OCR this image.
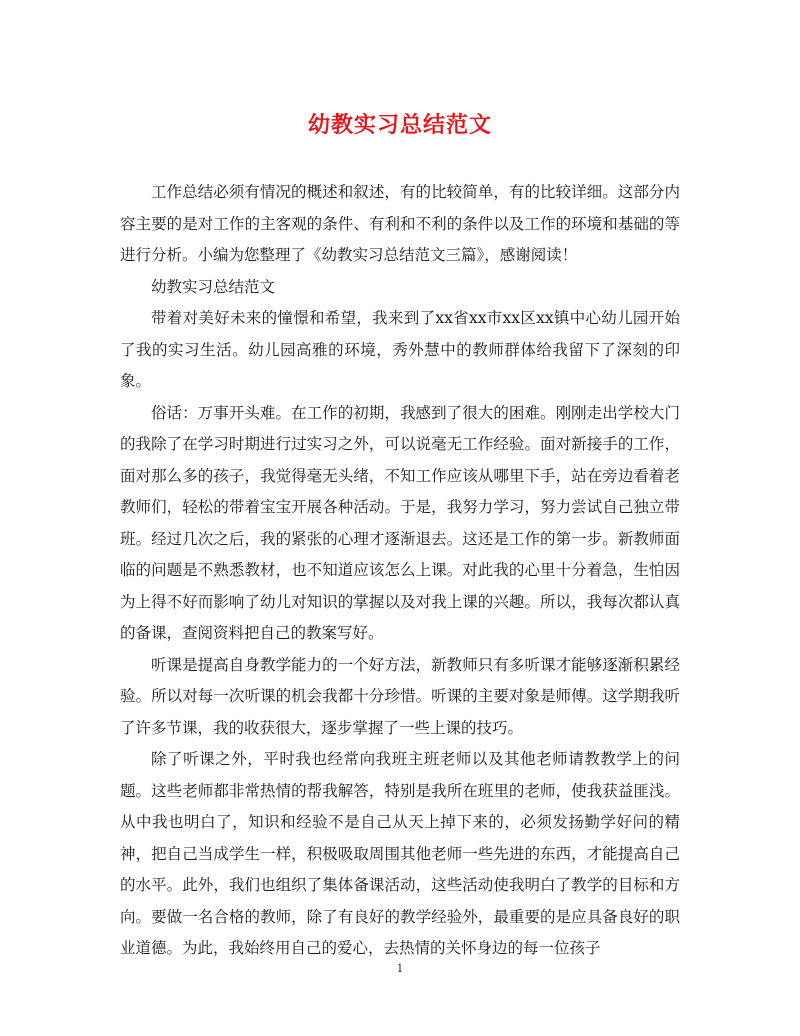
幼教实习总结范文

工作总结必须有情况的概述和叙述，有的比较简单，有的比较详细。这部分内容主要的是对工作的主客观的条件、有利和不利的条件以及工作的环境和基础的等进行分析。小编为您整理了《幼教实习总结范文三篇》，感谢阅读！

幼教实习总结范文

带着对美好未来的憧憬和希望，我来到了xx省xx市xx区xx镇中心幼儿园开始了我的实习生活。幼儿园高雅的环境，秀外慧中的教师群体给我留下了深刻的印象。

俗话：万事开头难。在工作的初期，我感到了很大的困难。刚刚走出学校大门的我除了在学习时期进行过实习之外，可以说毫无工作经验。面对新接手的工作，面对那么多的孩子，我觉得毫无头绪，不知工作应该从哪里下手，站在旁边看着老教师们，轻松的带着宝宝开展各种活动。于是，我努力学习，努力尝试自己独立带班。经过几次之后，我的紧张的心理才逐渐退去。这还是工作的第一步。新教师面临的问题是不熟悉教材，也不知道应该怎么上课。对此我的心里十分着急，生怕因为上得不好而影响了幼儿对知识的掌握以及对我上课的兴趣。所以，我每次都认真的备课，查阅资料把自己的教案写好。

听课是提高自身教学能力的一个好方法，新教师只有多听课才能够逐渐积累经验。所以对每一次听课的机会我都十分珍惜。听课的主要对象是师傅。这学期我听了许多节课，我的收获很大，逐步掌握了一些上课的技巧。

除了听课之外，平时我也经常向我班主班老师以及其他老师请教教学上的问题。这些老师都非常热情的帮我解答，特别是我所在班里的老师，使我获益匪浅。从中我也明白了，知识和经验不是自己从天上掉下来的，必须发扬勤学好问的精神，把自己当成学生一样，积极吸取周围其他老师一些先进的东西，才能提高自己的水平。此外，我们也组织了集体备课活动，这些活动使我明白了教学的目标和方向。要做一名合格的教师，除了有良好的教学经验外，最重要的是应具备良好的职业道德。为此，我始终用自己的爱心，去热情的关怀身边的每一位孩子

1
